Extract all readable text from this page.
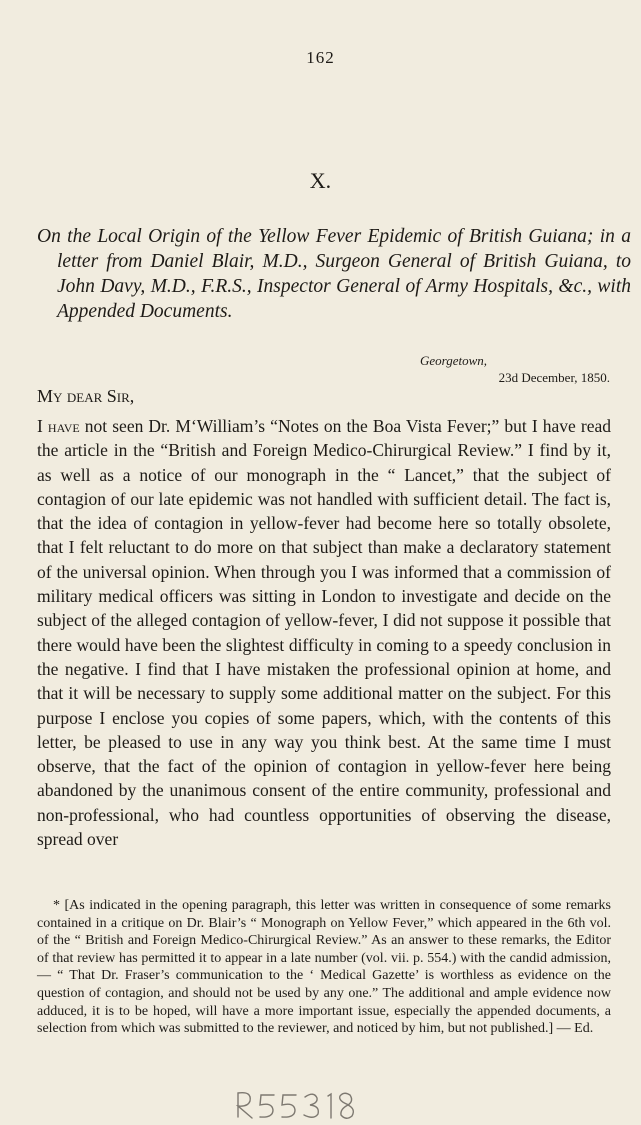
162
X.

On the Local Origin of the Yellow Fever Epidemic of British Guiana; in a letter from Daniel Blair, M.D., Surgeon General of British Guiana, to John Davy, M.D., F.R.S., Inspector General of Army Hospitals, &c., with Appended Documents.

Georgetown,
23d December, 1850.
My dear Sir,

I have not seen Dr. M‘William’s “Notes on the Boa Vista Fever;” but I have read the article in the “British and Foreign Medico-Chirurgical Review.” I find by it, as well as a notice of our monograph in the “ Lancet,” that the subject of contagion of our late epidemic was not handled with sufficient detail. The fact is, that the idea of contagion in yellow-fever had become here so totally obsolete, that I felt reluctant to do more on that subject than make a declaratory statement of the universal opinion. When through you I was informed that a commission of military medical officers was sitting in London to investigate and decide on the subject of the alleged contagion of yellow-fever, I did not suppose it possible that there would have been the slightest difficulty in coming to a speedy conclusion in the negative. I find that I have mistaken the professional opinion at home, and that it will be necessary to supply some additional matter on the subject. For this purpose I enclose you copies of some papers, which, with the contents of this letter, be pleased to use in any way you think best. At the same time I must observe, that the fact of the opinion of contagion in yellow-fever here being abandoned by the unanimous consent of the entire community, professional and non-professional, who had countless opportunities of observing the disease, spread over

* [As indicated in the opening paragraph, this letter was written in consequence of some remarks contained in a critique on Dr. Blair’s “ Monograph on Yellow Fever,” which appeared in the 6th vol. of the “ British and Foreign Medico-Chirurgical Review.” As an answer to these remarks, the Editor of that review has permitted it to appear in a late number (vol. vii. p. 554.) with the candid admission, — “ That Dr. Fraser’s communication to the ‘ Medical Gazette’ is worthless as evidence on the question of contagion, and should not be used by any one.” The additional and ample evidence now adduced, it is to be hoped, will have a more important issue, especially the appended documents, a selection from which was submitted to the reviewer, and noticed by him, but not published.] — Ed.
